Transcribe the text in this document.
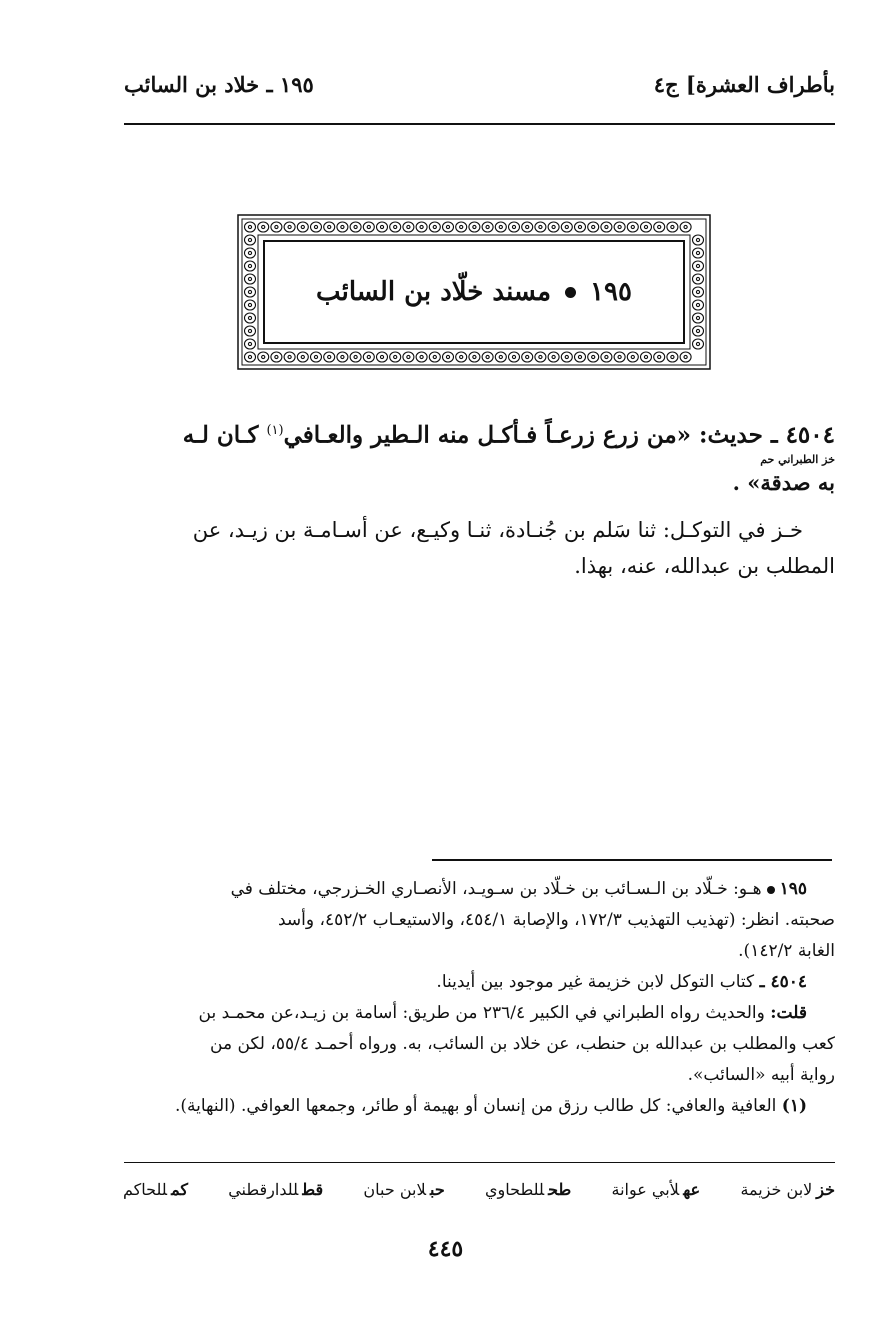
بأطراف العشرة] ج٤
١٩٥ ـ خلاد بن السائب
١٩٥
مسند خلّاد بن السائب
٤٥٠٤ ـ حديث: «من زرع زرعـاً فـأكـل منه الـطير والعـافي$^{(١)}$ كـان لـه
خز الطبراني حم
به صدقة» .
خـز في التوكـل: ثنا سَلم بن جُنـادة، ثنـا وكيـع، عن أسـامـة بن زيـد، عن
المطلب بن عبدالله، عنه، بهذا.
١٩٥هـو: خـلّاد بن الـسـائب بن خـلّاد بن سـويـد، الأنصـاري الخـزرجي، مختلف في
صحبته. انظر: (تهذيب التهذيب ١٧٢/٣، والإصابة ٤٥٤/١، والاستيعـاب ٤٥٢/٢، وأسد
الغابة ١٤٢/٢).
٤٥٠٤ ـ كتاب التوكل لابن خزيمة غير موجود بين أيدينا.
قلت: والحديث رواه الطبراني في الكبير ٢٣٦/٤ من طريق: أسامة بن زيـد،عن محمـد بن
كعب والمطلب بن عبدالله بن حنطب، عن خلاد بن السائب، به. ورواه أحمـد ٥٥/٤، لكن من
رواية أبيه «السائب».
(١) العافية والعافي: كل طالب رزق من إنسان أو بهيمة أو طائر، وجمعها العوافي. (النهاية).
خزلابن خزيمة
عهلأبي عوانة
طحللطحاوي
حبلابن حبان
قطللدارقطني
كمللحاكم
٤٤٥
